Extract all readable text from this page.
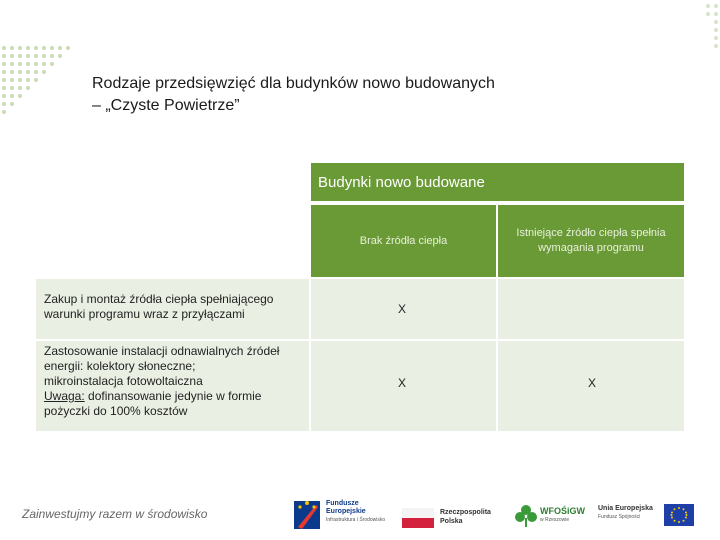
Rodzaje przedsięwzięć dla budynków nowo budowanych
– „Czyste Powietrze”
Budynki nowo budowane
Brak źródła ciepła
Istniejące źródło ciepła spełnia wymagania programu
Zakup i montaż źródła ciepła spełniającego
warunki programu wraz z przyłączami	X
Zastosowanie instalacji odnawialnych źródeł
energii: kolektory słoneczne;
mikroinstalacja fotowoltaiczna
Uwaga: dofinansowanie jedynie w formie
pożyczki do 100% kosztów
X	X
Zainwestujmy razem w środowisko
Fundusze
Europejskie
Infrastruktura i Środowisko
Rzeczpospolita
Polska
WFOŚiGW
w Rzeszowie
Unia Europejska
Fundusz Spójności
